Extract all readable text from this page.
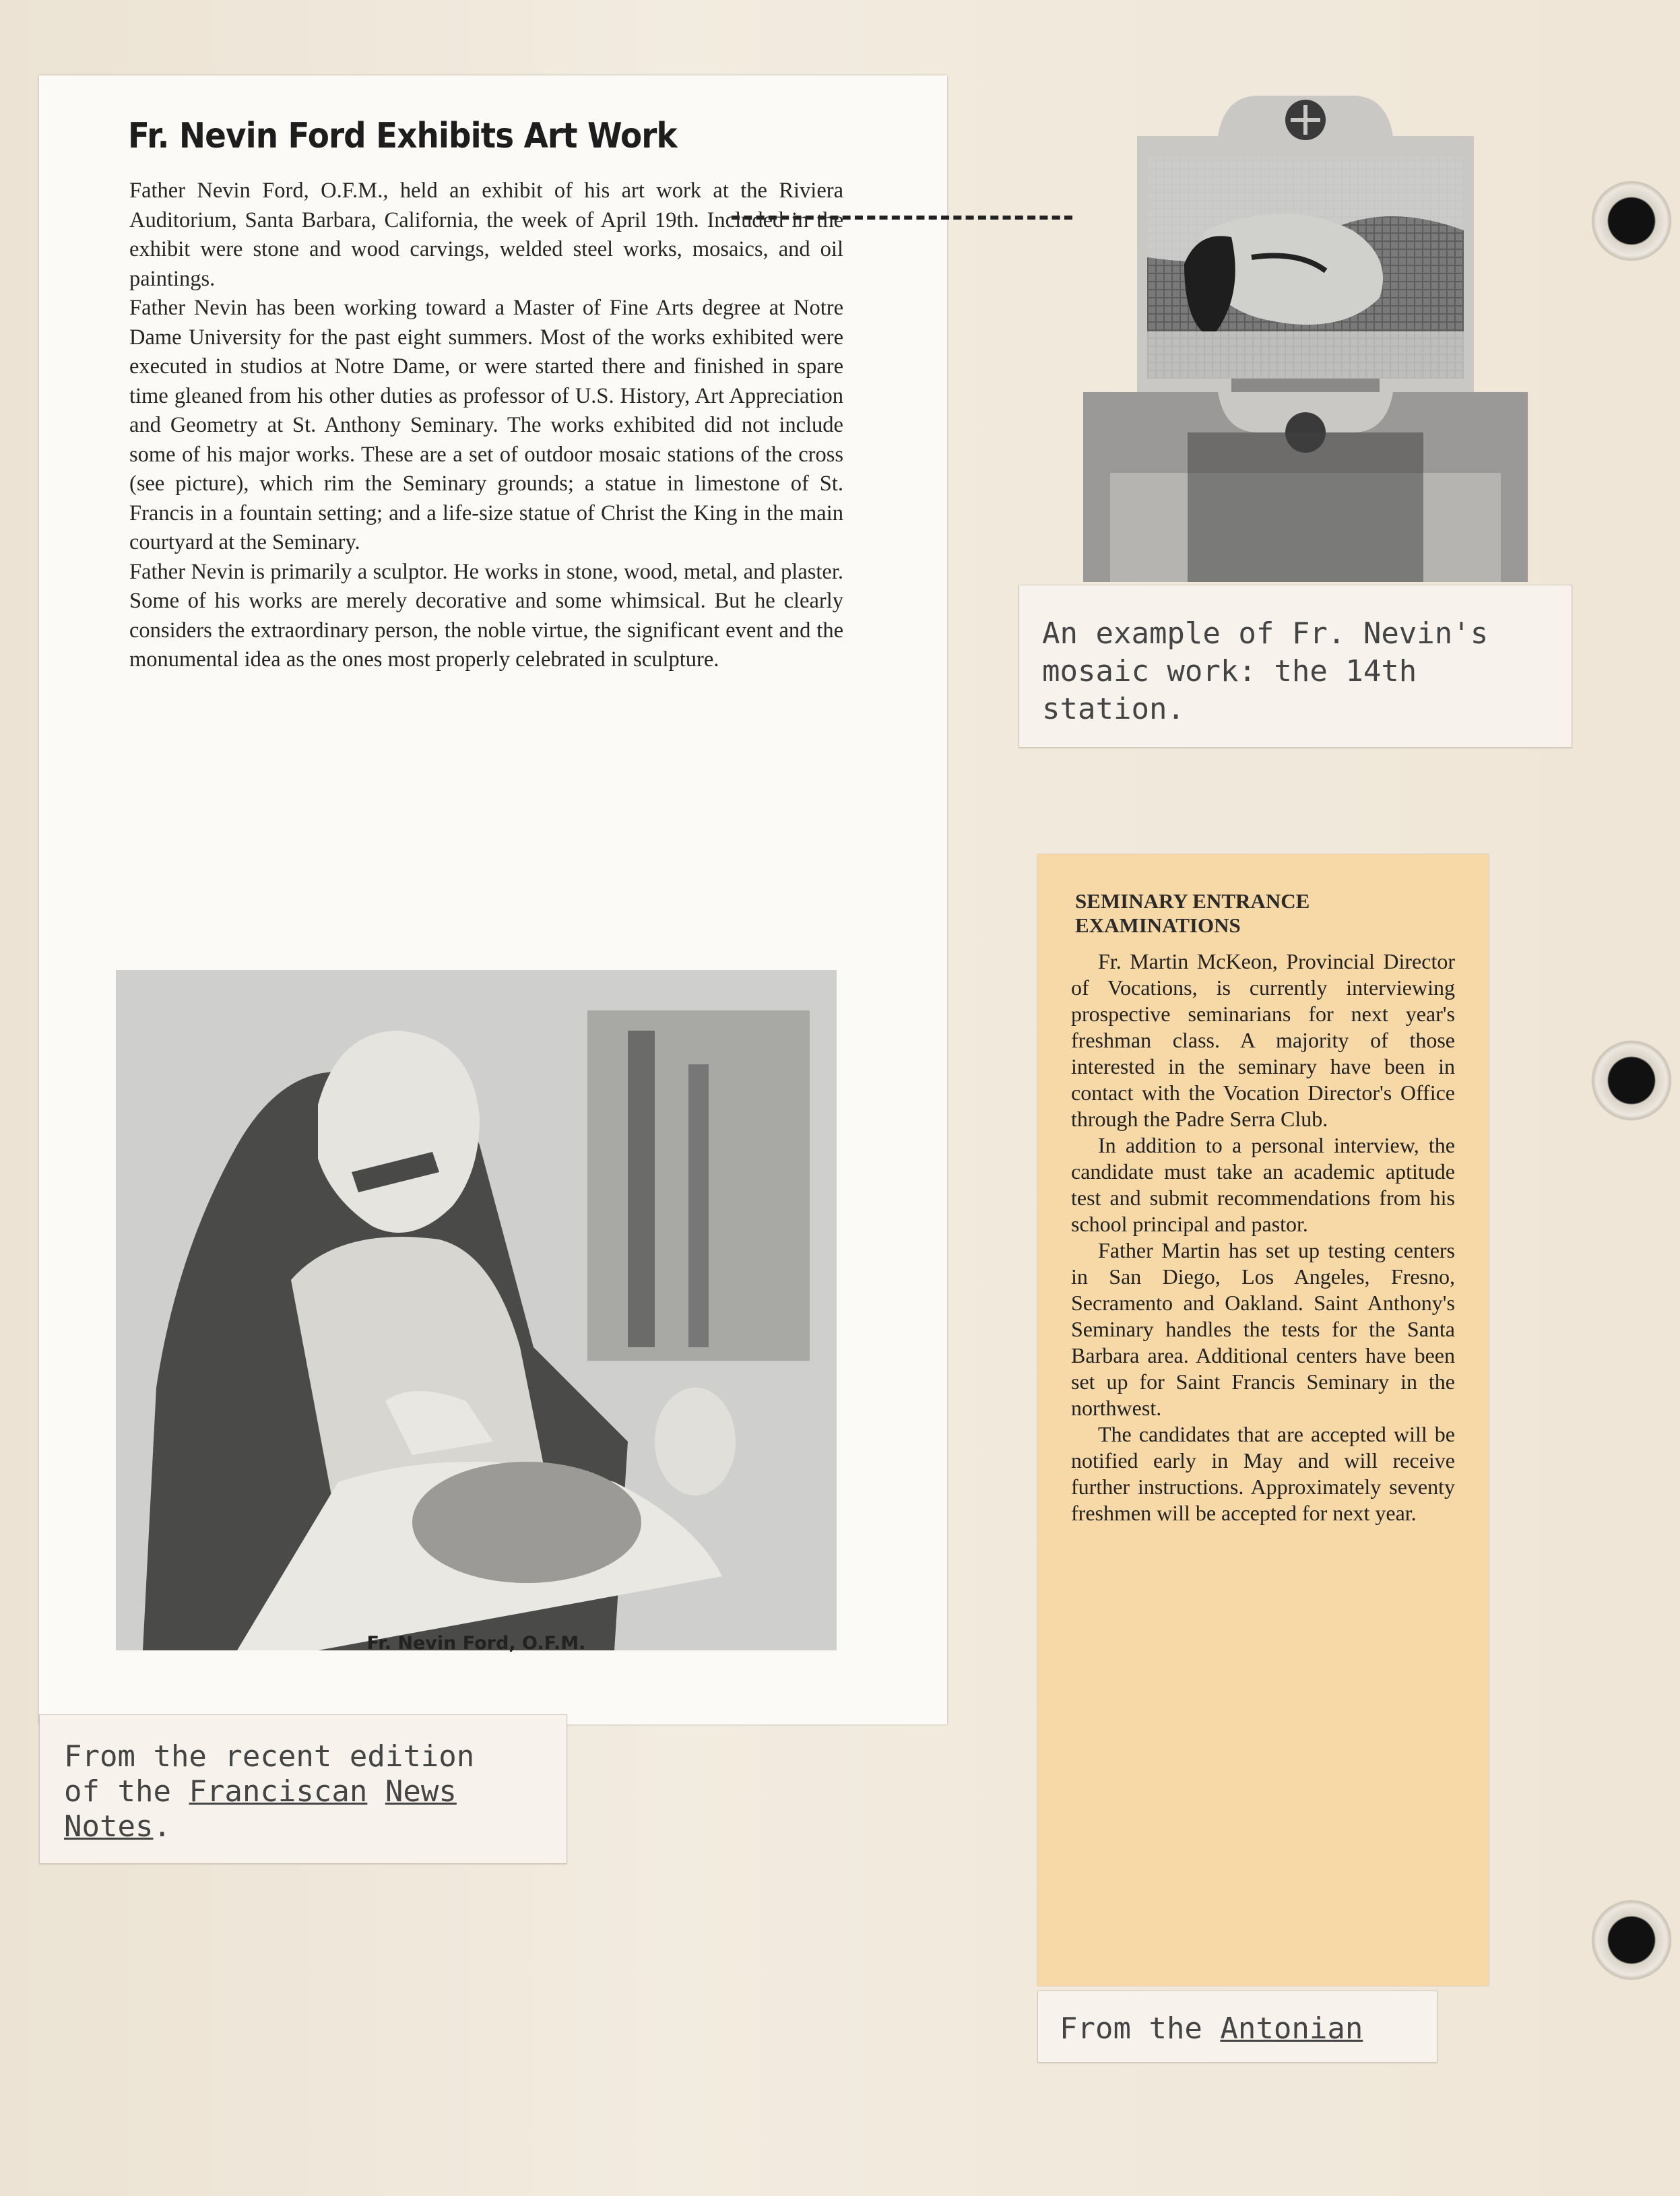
Fr. Nevin Ford Exhibits Art Work

Father Nevin Ford, O.F.M., held an exhibit of his art work at the Riviera Auditorium, Santa Barbara, California, the week of April 19th. Included in the exhibit were stone and wood carvings, welded steel works, mosaics, and oil paintings.

Father Nevin has been working toward a Master of Fine Arts degree at Notre Dame University for the past eight summers. Most of the works exhibited were executed in studios at Notre Dame, or were started there and finished in spare time gleaned from his other duties as professor of U.S. History, Art Appreciation and Geometry at St. Anthony Seminary. The works exhibited did not include some of his major works. These are a set of outdoor mosaic stations of the cross (see picture), which rim the Seminary grounds; a statue in limestone of St. Francis in a fountain setting; and a life-size statue of Christ the King in the main courtyard at the Seminary.

Father Nevin is primarily a sculptor. He works in stone, wood, metal, and plaster. Some of his works are merely decorative and some whimsical. But he clearly considers the extraordinary person, the noble virtue, the significant event and the monumental idea as the ones most properly celebrated in sculpture.

Fr. Nevin Ford, O.F.M.
From the recent edition
of the Franciscan News
Notes.
An example of Fr. Nevin's
mosaic work: the 14th
station.
SEMINARY ENTRANCE
EXAMINATIONS

Fr. Martin McKeon, Provincial Director of Vocations, is currently interviewing prospective seminarians for next year's freshman class. A majority of those interested in the seminary have been in contact with the Vocation Director's Office through the Padre Serra Club.

In addition to a personal interview, the candidate must take an academic aptitude test and submit recommendations from his school principal and pastor.

Father Martin has set up testing centers in San Diego, Los Angeles, Fresno, Secramento and Oakland. Saint Anthony's Seminary handles the tests for the Santa Barbara area. Additional centers have been set up for Saint Francis Seminary in the northwest.

The candidates that are accepted will be notified early in May and will receive further instructions. Approximately seventy freshmen will be accepted for next year.

From the Antonian
